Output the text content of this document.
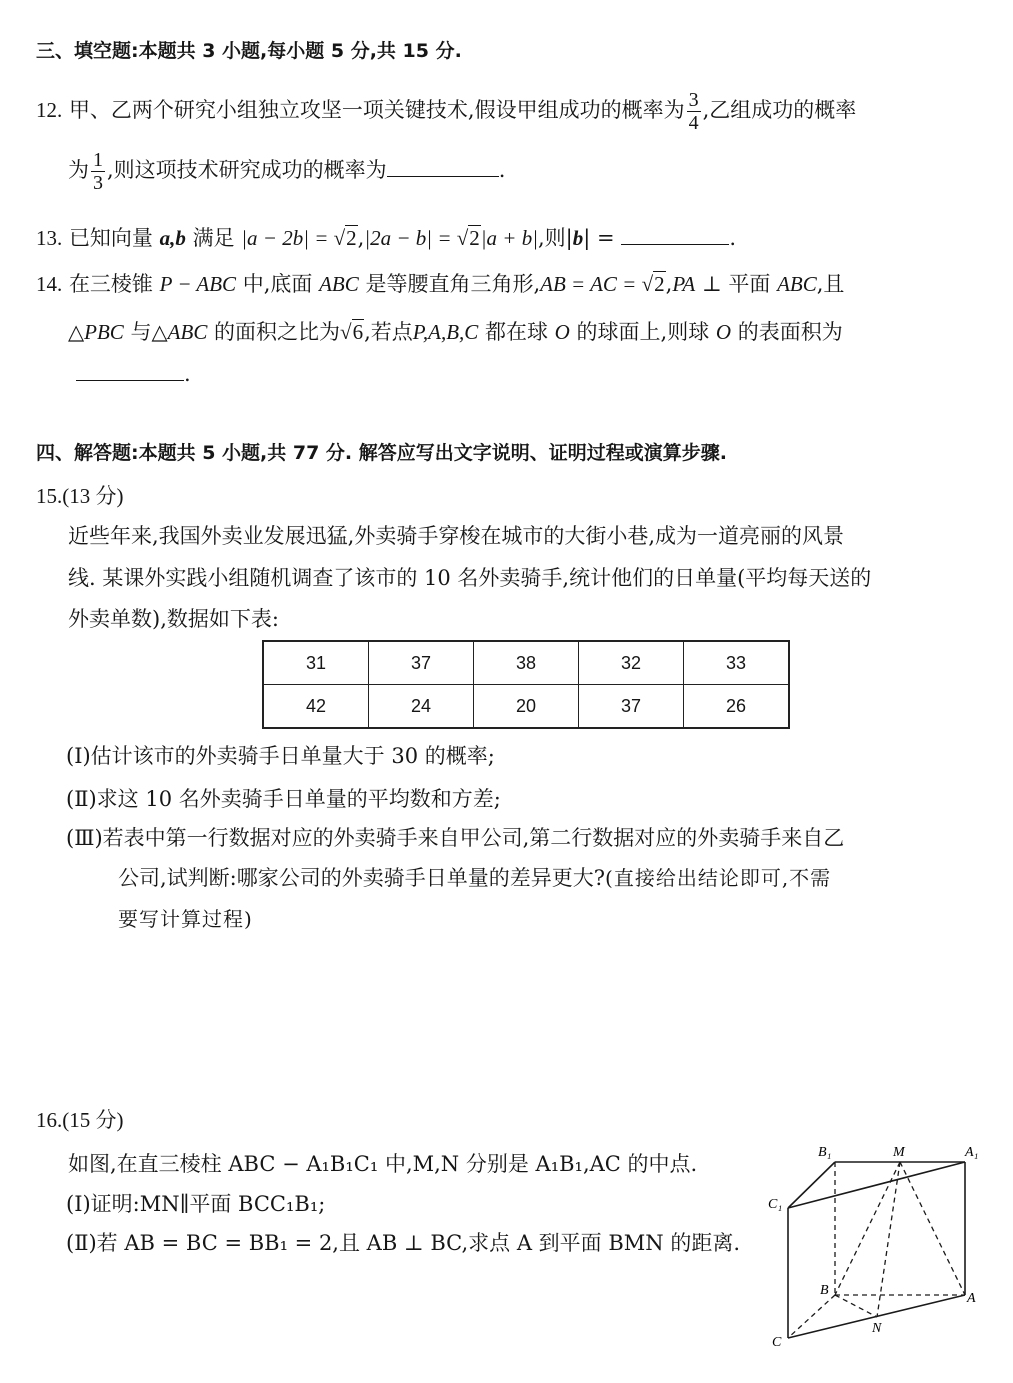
三、填空题:本题共 3 小题,每小题 5 分,共 15 分.
12. 甲、乙两个研究小组独立攻坚一项关键技术,假设甲组成功的概率为 $\frac{3}{4}$ ,乙组成功的概率
为 $\frac{1}{3}$ ,则这项技术研究成功的概率为	.
13. 已知向量 a,b 满足 |a − 2b| = √2,|2a − b| = √2|a + b|,则|b| =	.
14. 在三棱锥 P − ABC 中,底面 ABC 是等腰直角三角形,AB = AC = √2,PA ⊥ 平面 ABC,且
△PBC 与△ABC 的面积之比为√6,若点P,A,B,C 都在球 O 的球面上,则球 O 的表面积为
.
四、解答题:本题共 5 小题,共 77 分. 解答应写出文字说明、证明过程或演算步骤.
15.(13 分)
近些年来,我国外卖业发展迅猛,外卖骑手穿梭在城市的大街小巷,成为一道亮丽的风景
线. 某课外实践小组随机调查了该市的 10 名外卖骑手,统计他们的日单量(平均每天送的
外卖单数),数据如下表:
31	37	38	32	33
42	24	20	37	26
(Ⅰ)估计该市的外卖骑手日单量大于 30 的概率;
(Ⅱ)求这 10 名外卖骑手日单量的平均数和方差;
(Ⅲ)若表中第一行数据对应的外卖骑手来自甲公司,第二行数据对应的外卖骑手来自乙
公司,试判断:哪家公司的外卖骑手日单量的差异更大?(直接给出结论即可,不需
要写计算过程)
16.(15 分)
如图,在直三棱柱 ABC − A₁B₁C₁ 中,M,N 分别是 A₁B₁,AC 的中点.
(Ⅰ)证明:MN∥平面 BCC₁B₁;
(Ⅱ)若 AB = BC = BB₁ = 2,且 AB ⊥ BC,求点 A 到平面 BMN 的距离.
B₁	M	A₁
C₁
B
A
C
N
